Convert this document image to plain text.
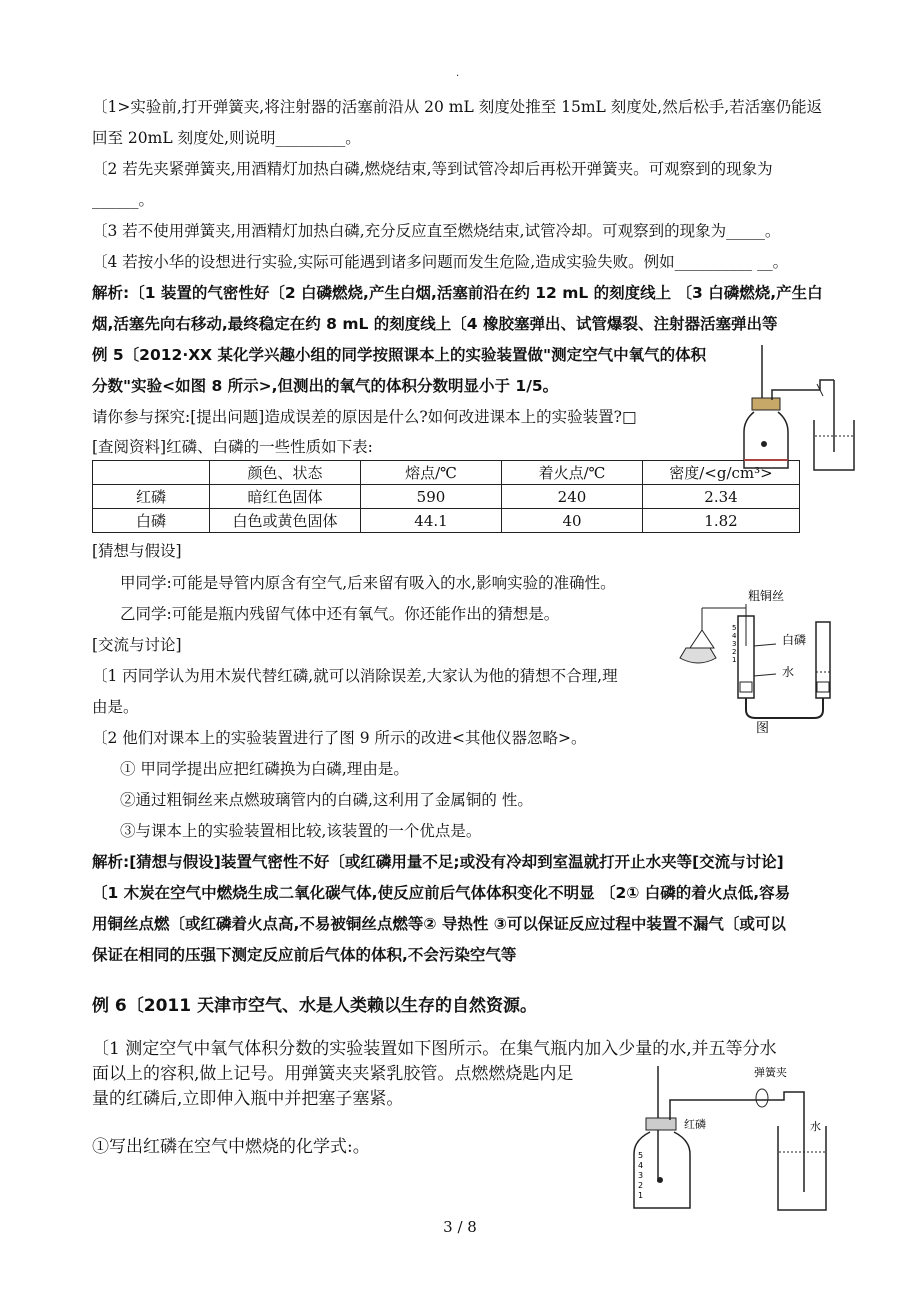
.
〔1>实验前,打开弹簧夹,将注射器的活塞前沿从 20 mL 刻度处推至 15mL 刻度处,然后松手,若活塞仍能返
回至 20mL 刻度处,则说明_________。
〔2 若先夹紧弹簧夹,用酒精灯加热白磷,燃烧结束,等到试管冷却后再松开弹簧夹。可观察到的现象为
______。
〔3 若不使用弹簧夹,用酒精灯加热白磷,充分反应直至燃烧结束,试管冷却。可观察到的现象为_____。
〔4 若按小华的设想进行实验,实际可能遇到诸多问题而发生危险,造成实验失败。例如__________ __。
解析:〔1 装置的气密性好〔2 白磷燃烧,产生白烟,活塞前沿在约 12 mL 的刻度线上 〔3 白磷燃烧,产生白
烟,活塞先向右移动,最终稳定在约 8 mL 的刻度线上〔4 橡胶塞弹出、试管爆裂、注射器活塞弹出等
例 5〔2012·XX 某化学兴趣小组的同学按照课本上的实验装置做"测定空气中氧气的体积
分数"实验<如图 8 所示>,但测出的氧气的体积分数明显小于 1/5。
请你参与探究:[提出问题]造成误差的原因是什么?如何改进课本上的实验装置?□
[查阅资料]红磷、白磷的一些性质如下表:
	颜色、状态	熔点/℃	着火点/℃	密度/<g/cm³>
红磷	暗红色固体	590	240	2.34
白磷	白色或黄色固体	44.1	40	1.82
[猜想与假设]
甲同学:可能是导管内原含有空气,后来留有吸入的水,影响实验的准确性。
乙同学:可能是瓶内残留气体中还有氧气。你还能作出的猜想是。
[交流与讨论]
〔1 丙同学认为用木炭代替红磷,就可以消除误差,大家认为他的猜想不合理,理
由是。
〔2 他们对课本上的实验装置进行了图 9 所示的改进<其他仪器忽略>。
① 甲同学提出应把红磷换为白磷,理由是。
②通过粗铜丝来点燃玻璃管内的白磷,这利用了金属铜的 性。
③与课本上的实验装置相比较,该装置的一个优点是。
解析:[猜想与假设]装置气密性不好〔或红磷用量不足;或没有冷却到室温就打开止水夹等[交流与讨论]
〔1 木炭在空气中燃烧生成二氧化碳气体,使反应前后气体体积变化不明显 〔2① 白磷的着火点低,容易
用铜丝点燃〔或红磷着火点高,不易被铜丝点燃等② 导热性 ③可以保证反应过程中装置不漏气〔或可以
保证在相同的压强下测定反应前后气体的体积,不会污染空气等
例 6〔2011 天津市空气、水是人类赖以生存的自然资源。
〔1 测定空气中氧气体积分数的实验装置如下图所示。在集气瓶内加入少量的水,并五等分水
面以上的容积,做上记号。用弹簧夹夹紧乳胶管。点燃燃烧匙内足
量的红磷后,立即伸入瓶中并把塞子塞紧。
①写出红磷在空气中燃烧的化学式:。
粗铜丝
白磷
水
图
5
4
3
2
1
弹簧夹
红磷	水
5
4
3
2
1
3 / 8
